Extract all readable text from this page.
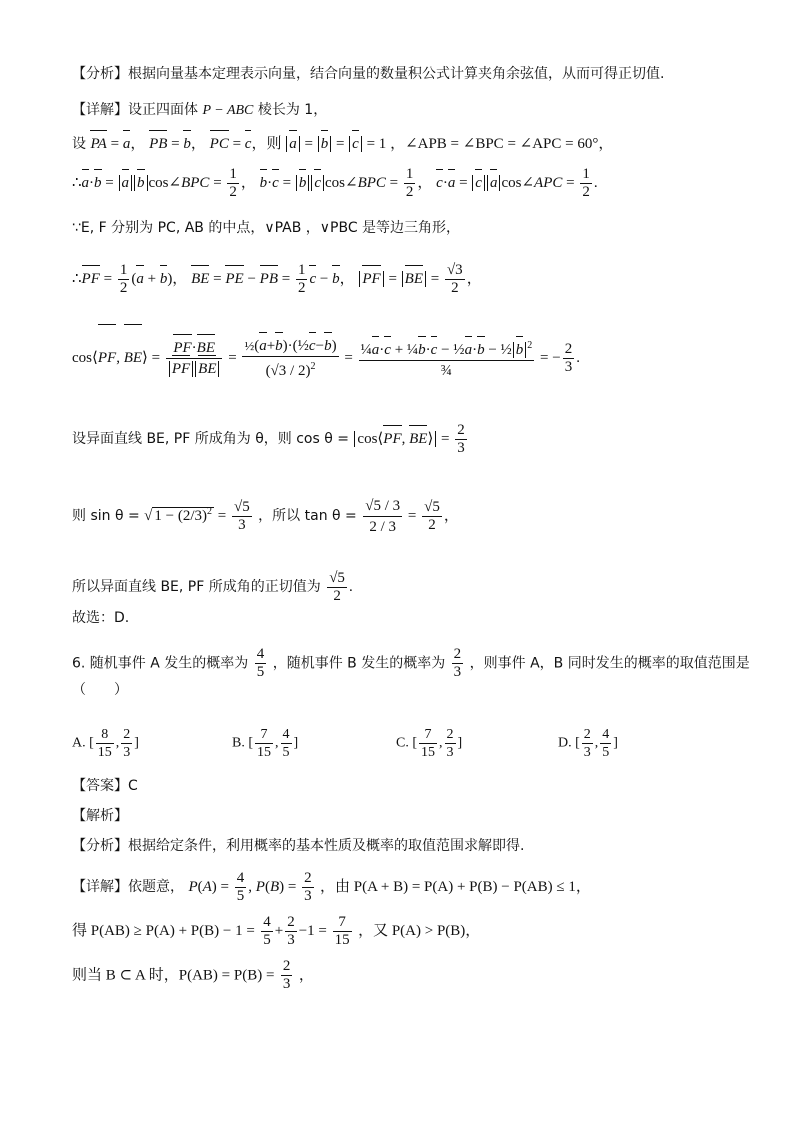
【分析】根据向量基本定理表示向量，结合向量的数量积公式计算夹角余弦值，从而可得正切值.
【详解】设正四面体 P − ABC 棱长为 1，
设 PA = a， PB = b， PC = c，则 a = b = c = 1 ，∠APB = ∠BPC = ∠APC = 60°，
∴a·b = a b cos∠BPC = $\frac{1}{2}$ ， b·c = b c cos∠BPC = $\frac{1}{2}$ ， c·a = c a cos∠APC = $\frac{1}{2}$ .
∵E, F 分别为 PC, AB 的中点，∨PAB ，∨PBC 是等边三角形，
∴PF = $\frac{1}{2} (a + b)$， BE = PE − PB = $\frac{1}{2}$ c − b， PF = BE = $\frac{√3}{2}$ ，
cos⟨PF, BE⟩ = $\frac{PF\cdot BE}{\text{PF BE}} = \frac{\text{½(a+b)·(½c−b)}}{(√3 / 2)^2} = \frac{\frac{1}{4}a\cdot c + \frac{1}{4}b\cdot c - \frac{1}{2}a\cdot b - \frac{1}{2} b ^2}{\text{¾}}$ = − $\frac{2}{3}$ .
设异面直线 BE, PF 所成角为 θ，则 cos θ = cos⟨PF, BE⟩ = $\frac{2}{3}$
则 sin θ = √ $1 - (2/3)^2 = \frac{√5}{3}$ ，所以 $\tan \theta = \frac{√5 / 3}{2 / 3} = \frac{√5}{2}$ ，
所以异面直线 BE, PF 所成角的正切值为 $\frac{√5}{2}$ .
故选：D.
6. 随机事件 A 发生的概率为 $\frac{4}{5}$ ，随机事件 B 发生的概率为 $\frac{2}{3}$ ，则事件 A，B 同时发生的概率的取值范围是
（　　）
A. [ $\frac{8}{15}$ , $\frac{2}{3}$ ]	B. [ $\frac{7}{15}$ , $\frac{4}{5}$ ]	C. [ $\frac{7}{15}$ , $\frac{2}{3}$ ]	D. [ $\frac{2}{3}$ , $\frac{4}{5}$ ]
【答案】C
【解析】
【分析】根据给定条件，利用概率的基本性质及概率的取值范围求解即得.
【详解】依题意， $P(A) = \frac{4}{5}$ , $P(B) = \frac{2}{3}$ ，由 P(A + B) = P(A) + P(B) − P(AB) ≤ 1，
得 $P(AB) \ge P(A) + P(B) - 1 = \frac{4}{5} + \frac{2}{3} -1 = \frac{7}{15}$ ，又 P(A) > P(B)，
则当 B ⊂ A 时，$P(AB) = P(B) = \frac{2}{3}$ ，
